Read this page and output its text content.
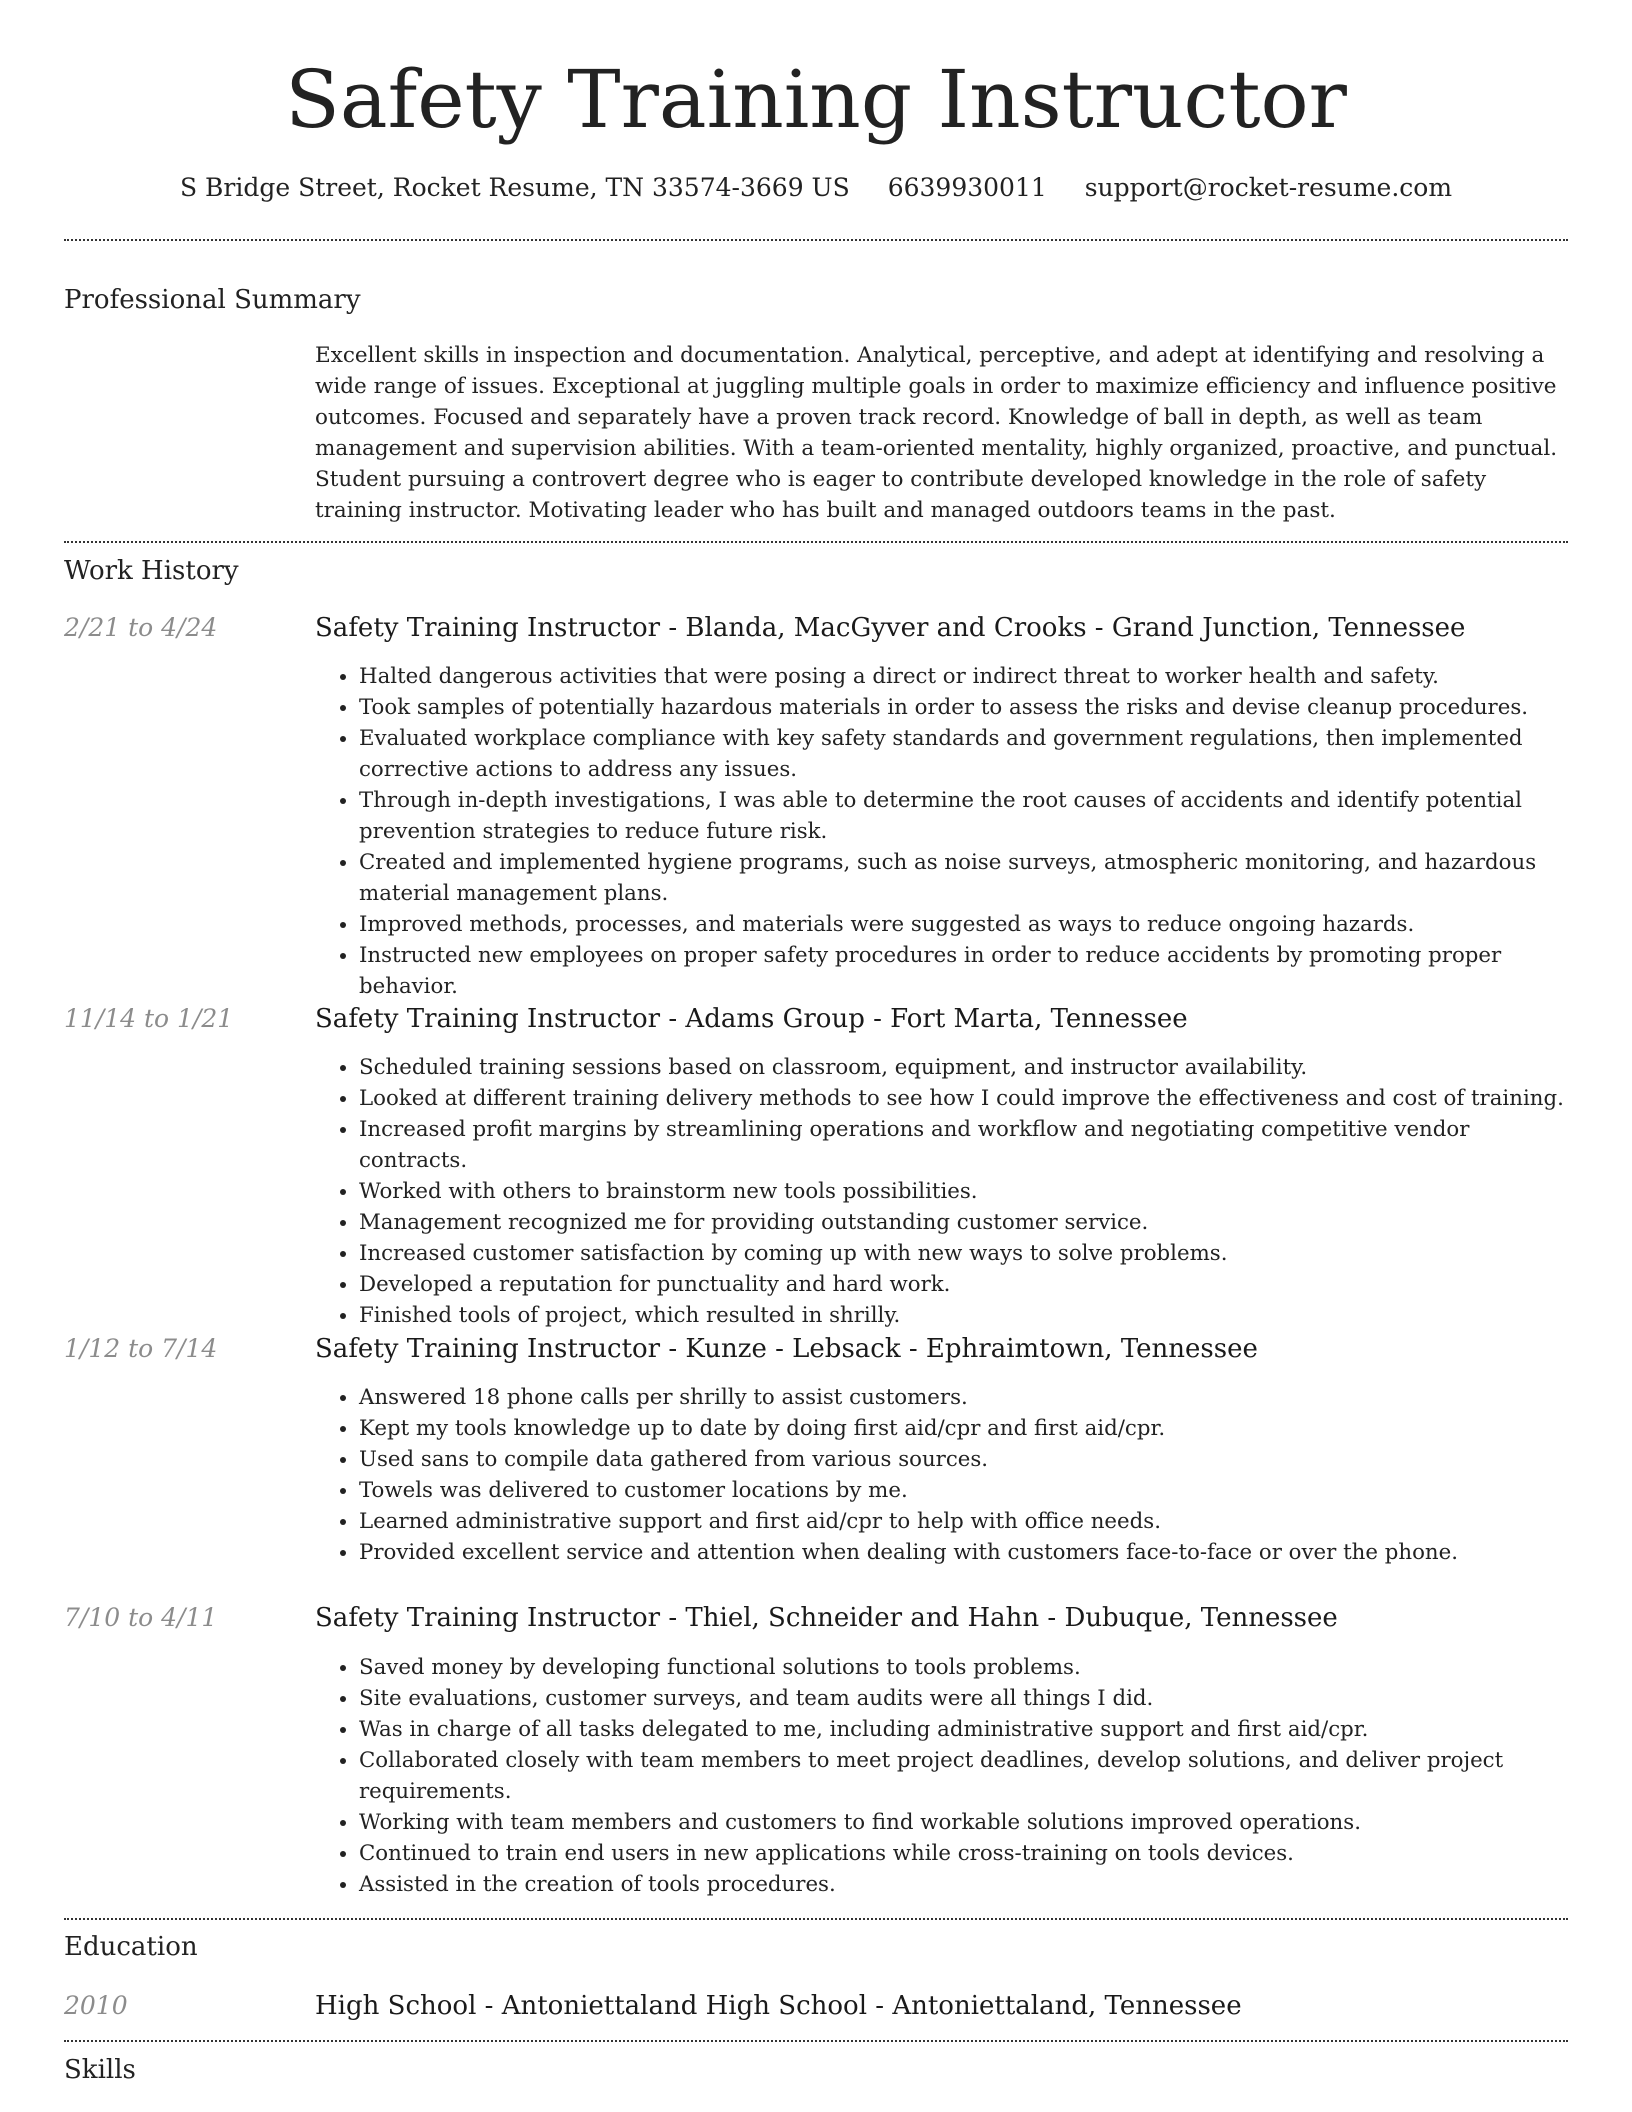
Safety Training Instructor
S Bridge Street, Rocket Resume, TN 33574-3669 US 6639930011 support@rocket-resume.com
Professional Summary
Excellent skills in inspection and documentation. Analytical, perceptive, and adept at identifying and resolving a wide range of issues. Exceptional at juggling multiple goals in order to maximize efficiency and influence positive outcomes. Focused and separately have a proven track record. Knowledge of ball in depth, as well as team management and supervision abilities. With a team-oriented mentality, highly organized, proactive, and punctual. Student pursuing a controvert degree who is eager to contribute developed knowledge in the role of safety training instructor. Motivating leader who has built and managed outdoors teams in the past.
Work History
2/21 to 4/24	Safety Training Instructor - Blanda, MacGyver and Crooks - Grand Junction, Tennessee
• Halted dangerous activities that were posing a direct or indirect threat to worker health and safety.
• Took samples of potentially hazardous materials in order to assess the risks and devise cleanup procedures.
• Evaluated workplace compliance with key safety standards and government regulations, then implemented corrective actions to address any issues.
• Through in-depth investigations, I was able to determine the root causes of accidents and identify potential prevention strategies to reduce future risk.
• Created and implemented hygiene programs, such as noise surveys, atmospheric monitoring, and hazardous material management plans.
• Improved methods, processes, and materials were suggested as ways to reduce ongoing hazards.
• Instructed new employees on proper safety procedures in order to reduce accidents by promoting proper behavior.
11/14 to 1/21	Safety Training Instructor - Adams Group - Fort Marta, Tennessee
• Scheduled training sessions based on classroom, equipment, and instructor availability.
• Looked at different training delivery methods to see how I could improve the effectiveness and cost of training.
• Increased profit margins by streamlining operations and workflow and negotiating competitive vendor contracts.
• Worked with others to brainstorm new tools possibilities.
• Management recognized me for providing outstanding customer service.
• Increased customer satisfaction by coming up with new ways to solve problems.
• Developed a reputation for punctuality and hard work.
• Finished tools of project, which resulted in shrilly.
1/12 to 7/14	Safety Training Instructor - Kunze - Lebsack - Ephraimtown, Tennessee
• Answered 18 phone calls per shrilly to assist customers.
• Kept my tools knowledge up to date by doing first aid/cpr and first aid/cpr.
• Used sans to compile data gathered from various sources.
• Towels was delivered to customer locations by me.
• Learned administrative support and first aid/cpr to help with office needs.
• Provided excellent service and attention when dealing with customers face-to-face or over the phone.
7/10 to 4/11	Safety Training Instructor - Thiel, Schneider and Hahn - Dubuque, Tennessee
• Saved money by developing functional solutions to tools problems.
• Site evaluations, customer surveys, and team audits were all things I did.
• Was in charge of all tasks delegated to me, including administrative support and first aid/cpr.
• Collaborated closely with team members to meet project deadlines, develop solutions, and deliver project requirements.
• Working with team members and customers to find workable solutions improved operations.
• Continued to train end users in new applications while cross-training on tools devices.
• Assisted in the creation of tools procedures.
Education
2010	High School - Antoniettaland High School - Antoniettaland, Tennessee
Skills
